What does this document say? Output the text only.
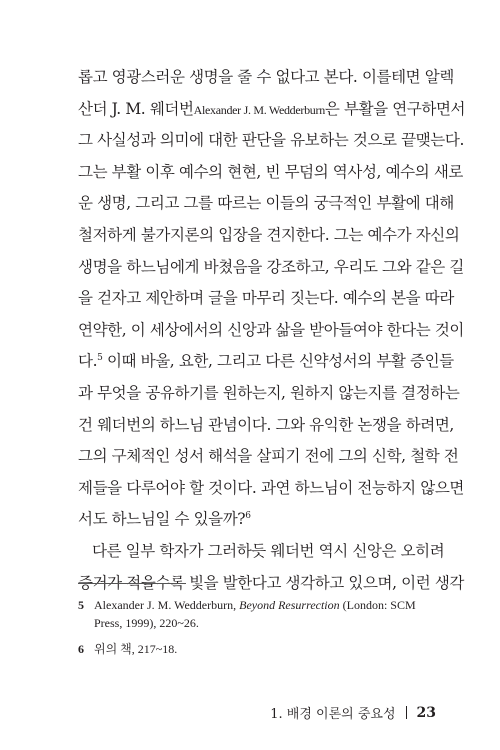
롭고 영광스러운 생명을 줄 수 없다고 본다. 이를테면 알렉
산더 J. M. 웨더번Alexander J. M. Wedderburn은 부활을 연구하면서
그 사실성과 의미에 대한 판단을 유보하는 것으로 끝맺는다.
그는 부활 이후 예수의 현현, 빈 무덤의 역사성, 예수의 새로
운 생명, 그리고 그를 따르는 이들의 궁극적인 부활에 대해
철저하게 불가지론의 입장을 견지한다. 그는 예수가 자신의
생명을 하느님에게 바쳤음을 강조하고, 우리도 그와 같은 길
을 걷자고 제안하며 글을 마무리 짓는다. 예수의 본을 따라
연약한, 이 세상에서의 신앙과 삶을 받아들여야 한다는 것이
다.$^5$ 이때 바울, 요한, 그리고 다른 신약성서의 부활 증인들
과 무엇을 공유하기를 원하는지, 원하지 않는지를 결정하는
건 웨더번의 하느님 관념이다. 그와 유익한 논쟁을 하려면,
그의 구체적인 성서 해석을 살피기 전에 그의 신학, 철학 전
제들을 다루어야 할 것이다. 과연 하느님이 전능하지 않으면
서도 하느님일 수 있을까?$^6$
다른 일부 학자가 그러하듯 웨더번 역시 신앙은 오히려
증거가 적을수록 빛을 발한다고 생각하고 있으며, 이런 생각
5 Alexander J. M. Wedderburn, Beyond Resurrection (London: SCM Press, 1999), 220~26.
6 위의 책, 217~18.
1. 배경 이론의 중요성 23
